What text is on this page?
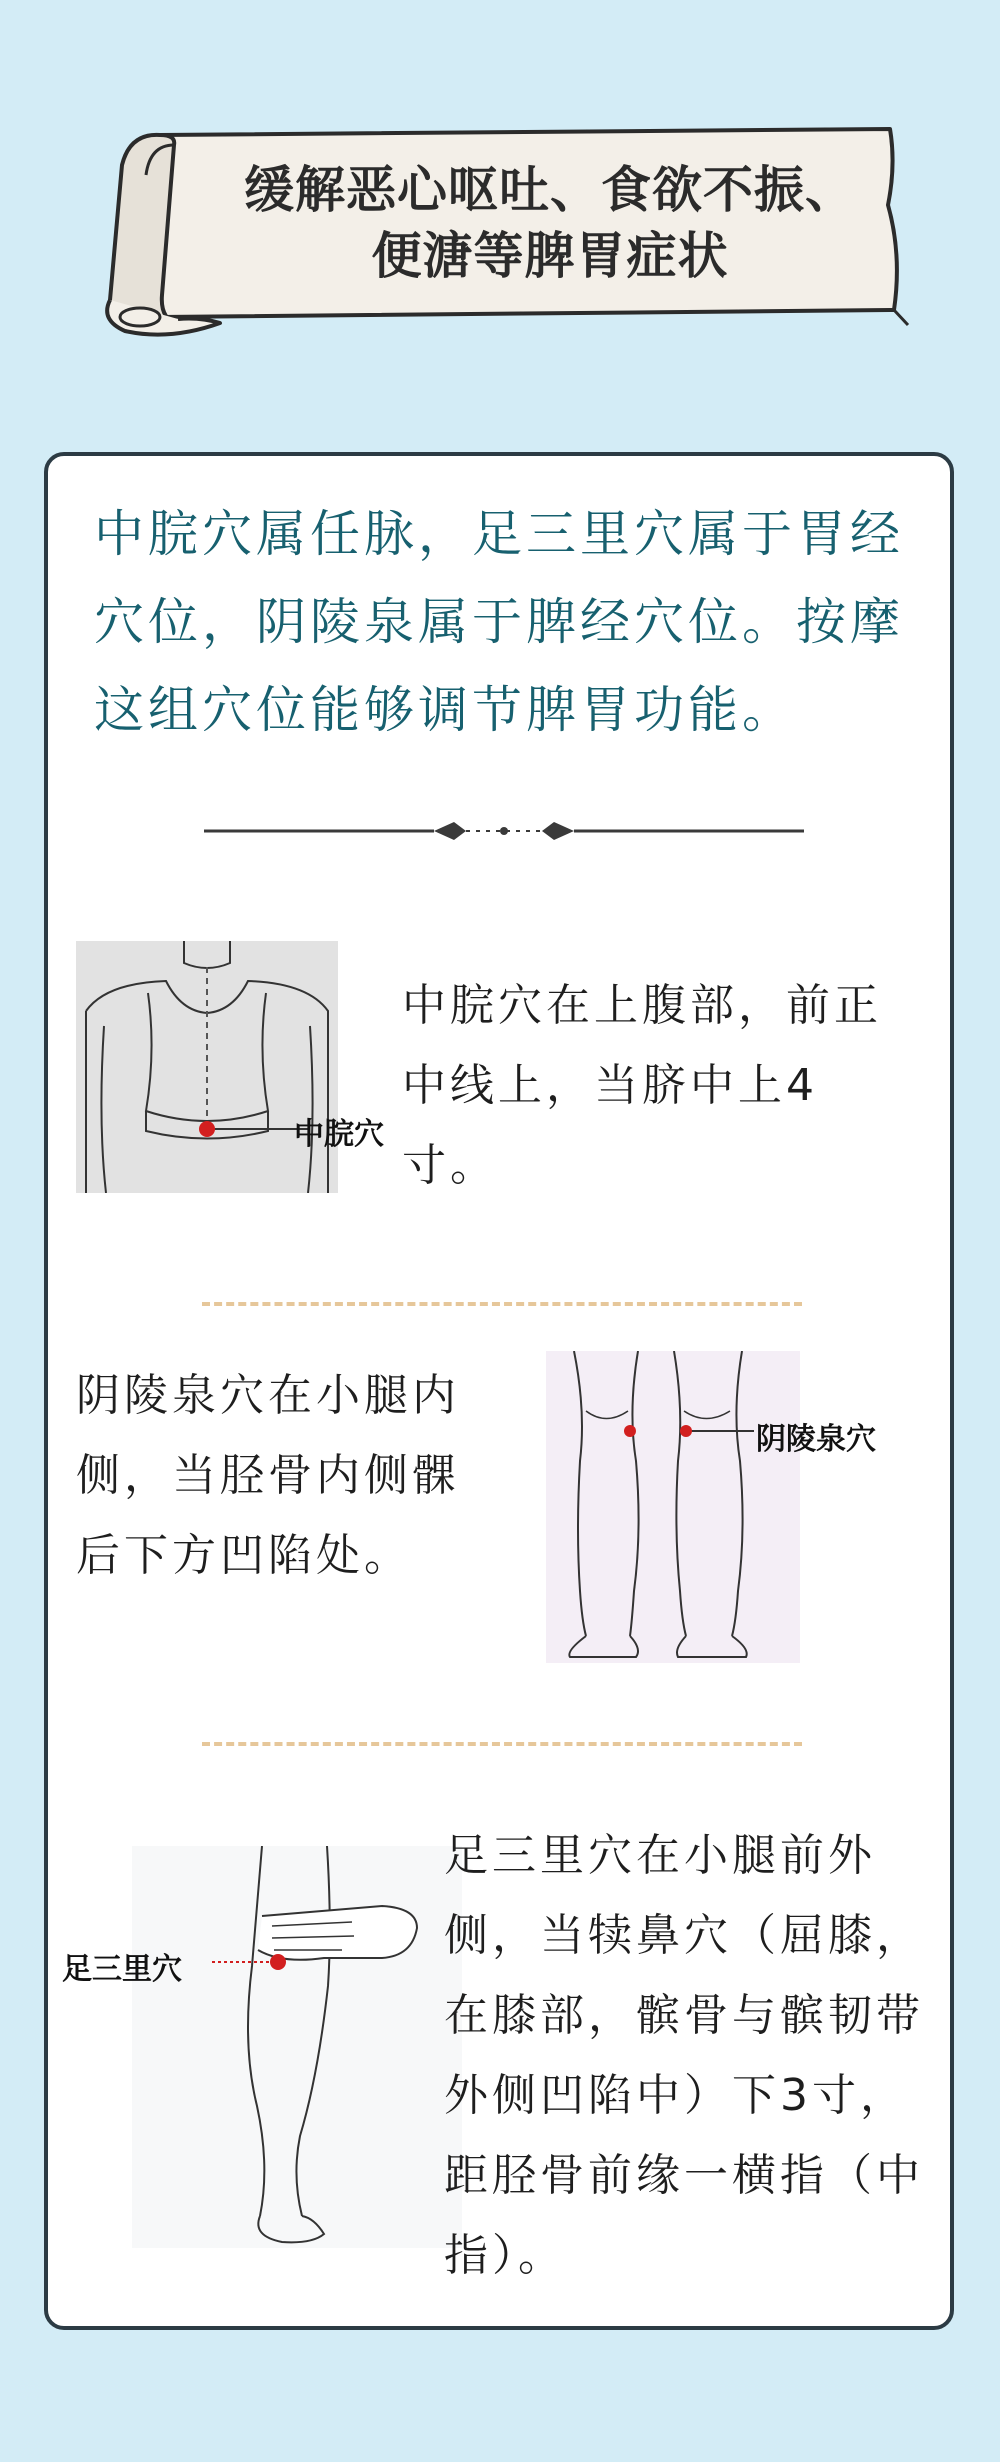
缓解恶心呕吐、食欲不振、
便溏等脾胃症状

中脘穴属任脉，足三里穴属于胃经穴位，阴陵泉属于脾经穴位。按摩这组穴位能够调节脾胃功能。

中脘穴

中脘穴在上腹部，前正中线上，当脐中上4寸。

阴陵泉穴在小腿内侧，当胫骨内侧髁后下方凹陷处。

阴陵泉穴
足三里穴

足三里穴在小腿前外侧，当犊鼻穴（屈膝，在膝部，髌骨与髌韧带外侧凹陷中）下3寸，距胫骨前缘一横指（中指）。
